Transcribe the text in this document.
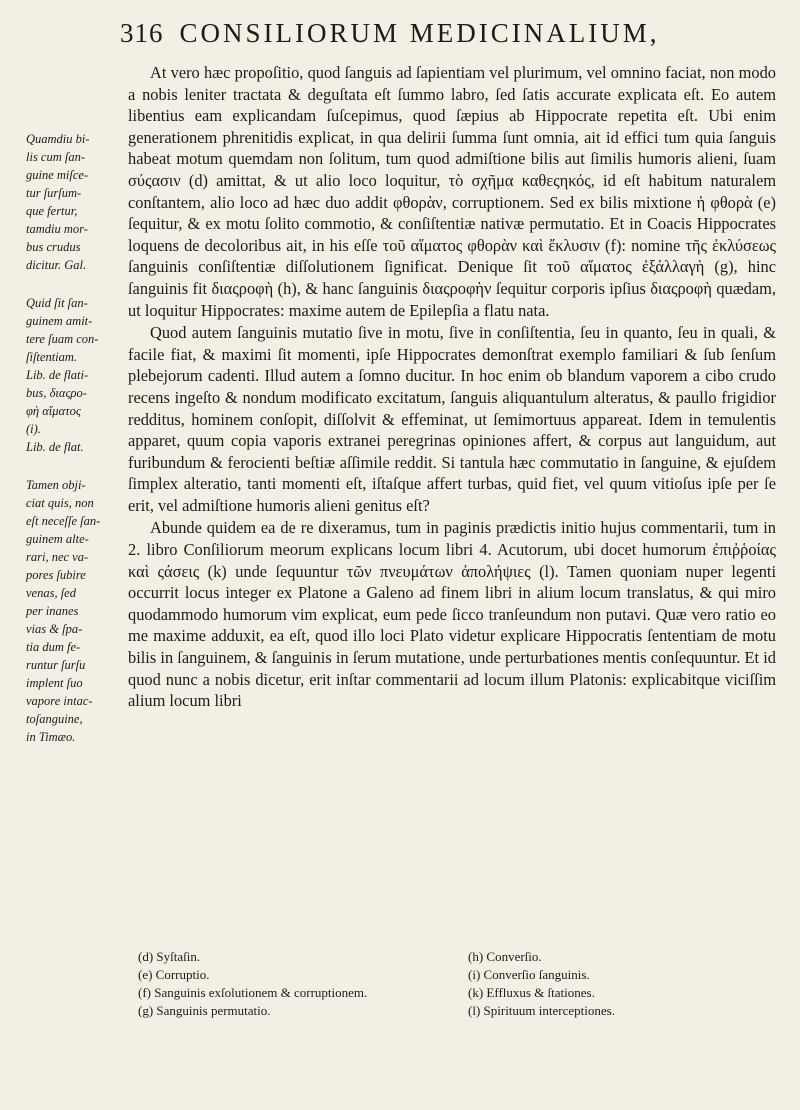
316 CONSILIORUM MEDICINALIUM,

Quamdiu bi-
lis cum ſan-
guine miſce-
tur ſurſum-
que fertur,
tamdiu mor-
bus crudus
dicitur. Gal.

Quid ſit ſan-
guinem amit-
tere ſuam con-
ſiſtentiam.
Lib. de flati-
bus, διαςρο-
φὴ αἵματος
(i).
Lib. de flat.

Tamen obji-
ciat quis, non
eſt neceſſe ſan-
guinem alte-
rari, nec va-
pores ſubire
venas, ſed
per inanes
vias & ſpa-
tia dum fe-
runtur ſurſu
implent ſuo
vapore intac-
toſanguine,
in Timæo.

At vero hæc propoſitio, quod ſanguis ad ſapientiam vel plurimum, vel omnino faciat, non modo a nobis leniter tractata & deguſtata eſt ſummo labro, ſed ſatis accurate explicata eſt. Eo autem libentius eam explicandam ſuſcepimus, quod ſæpius ab Hippocrate repetita eſt. Ubi enim generationem phrenitidis explicat, in qua delirii ſumma ſunt omnia, ait id effici tum quia ſanguis habeat motum quemdam non ſolitum, tum quod admiſtione bilis aut ſimilis humoris alieni, ſuam σύςασιν (d) amittat, & ut alio loco loquitur, τὸ σχῆμα καθεςηκός, id eſt habitum naturalem conſtantem, alio loco ad hæc duo addit φθορὰν, corruptionem. Sed ex bilis mixtione ἡ φθορὰ (e) ſequitur, & ex motu ſolito commotio, & conſiſtentiæ nativæ permutatio. Et in Coacis Hippocrates loquens de decoloribus ait, in his eſſe τοῦ αἵματος φθορὰν καὶ ἔκλυσιν (f): nomine τῆς ἐκλύσεως ſanguinis conſiſtentiæ diſſolutionem ſignificat. Denique ſit τοῦ αἵματος ἐξάλλαγὴ (g), hinc ſanguinis fit διαςροφὴ (h), & hanc ſanguinis διαςροφὴν ſequitur corporis ipſius διαςροφὴ quædam, ut loquitur Hippocrates: maxime autem de Epilepſia a flatu nata.

Quod autem ſanguinis mutatio ſive in motu, ſive in conſiſtentia, ſeu in quanto, ſeu in quali, & facile fiat, & maximi ſit momenti, ipſe Hippocrates demonſtrat exemplo familiari & ſub ſenſum plebejorum cadenti. Illud autem a ſomno ducitur. In hoc enim ob blandum vaporem a cibo crudo recens ingeſto & nondum modificato excitatum, ſanguis aliquantulum alteratus, & paullo frigidior redditus, hominem conſopit, diſſolvit & effeminat, ut ſemimortuus appareat. Idem in temulentis apparet, quum copia vaporis extranei peregrinas opiniones affert, & corpus aut languidum, aut furibundum & ferocienti beſtiæ aſſimile reddit. Si tantula hæc commutatio in ſanguine, & ejuſdem ſimplex alteratio, tanti momenti eſt, iſtaſque affert turbas, quid fiet, vel quum vitioſus ipſe per ſe erit, vel admiſtione humoris alieni genitus eſt?

Abunde quidem ea de re dixeramus, tum in paginis prædictis initio hujus commentarii, tum in 2. libro Conſiliorum meorum explicans locum libri 4. Acutorum, ubi docet humorum ἐπιῤῥοίας καὶ ςάσεις (k) unde ſequuntur τῶν πνευμάτων ἀπολήψιες (l). Tamen quoniam nuper legenti occurrit locus integer ex Platone a Galeno ad finem libri in alium locum translatus, & qui miro quodammodo humorum vim explicat, eum pede ſicco tranſeundum non putavi. Quæ vero ratio eo me maxime adduxit, ea eſt, quod illo loci Plato videtur explicare Hippocratis ſententiam de motu bilis in ſanguinem, & ſanguinis in ſerum mutatione, unde perturbationes mentis conſequuntur. Et id quod nunc a nobis dicetur, erit inſtar commentarii ad locum illum Platonis: explicabitque viciſſim alium locum libri

(d) Syſtaſin.

(e) Corruptio.

(f) Sanguinis exſolutionem & corruptionem.

(g) Sanguinis permutatio.

(h) Converſio.

(i) Converſio ſanguinis.

(k) Effluxus & ſtationes.

(l) Spirituum interceptiones.
